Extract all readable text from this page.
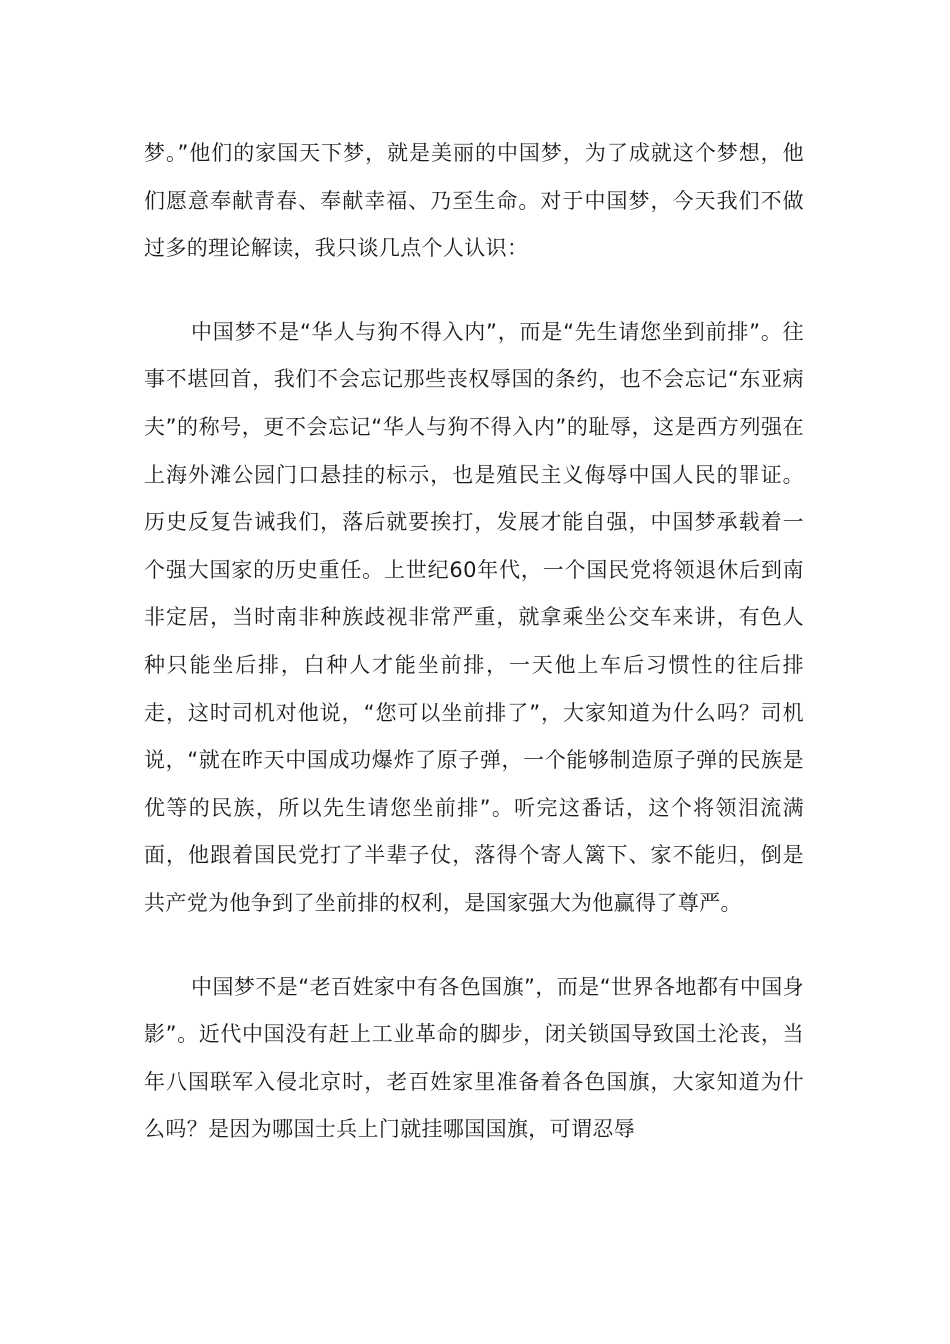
梦。”他们的家国天下梦，就是美丽的中国梦，为了成就这个梦想，他们愿意奉献青春、奉献幸福、乃至生命。对于中国梦，今天我们不做过多的理论解读，我只谈几点个人认识：

中国梦不是“华人与狗不得入内”，而是“先生请您坐到前排”。往事不堪回首，我们不会忘记那些丧权辱国的条约，也不会忘记“东亚病夫”的称号，更不会忘记“华人与狗不得入内”的耻辱，这是西方列强在上海外滩公园门口悬挂的标示，也是殖民主义侮辱中国人民的罪证。历史反复告诫我们，落后就要挨打，发展才能自强，中国梦承载着一个强大国家的历史重任。上世纪60年代，一个国民党将领退休后到南非定居，当时南非种族歧视非常严重，就拿乘坐公交车来讲，有色人种只能坐后排，白种人才能坐前排，一天他上车后习惯性的往后排走，这时司机对他说，“您可以坐前排了”，大家知道为什么吗？司机说，“就在昨天中国成功爆炸了原子弹，一个能够制造原子弹的民族是优等的民族，所以先生请您坐前排”。听完这番话，这个将领泪流满面，他跟着国民党打了半辈子仗，落得个寄人篱下、家不能归，倒是共产党为他争到了坐前排的权利，是国家强大为他赢得了尊严。

中国梦不是“老百姓家中有各色国旗”，而是“世界各地都有中国身影”。近代中国没有赶上工业革命的脚步，闭关锁国导致国土沦丧，当年八国联军入侵北京时，老百姓家里准备着各色国旗，大家知道为什么吗？是因为哪国士兵上门就挂哪国国旗，可谓忍辱
